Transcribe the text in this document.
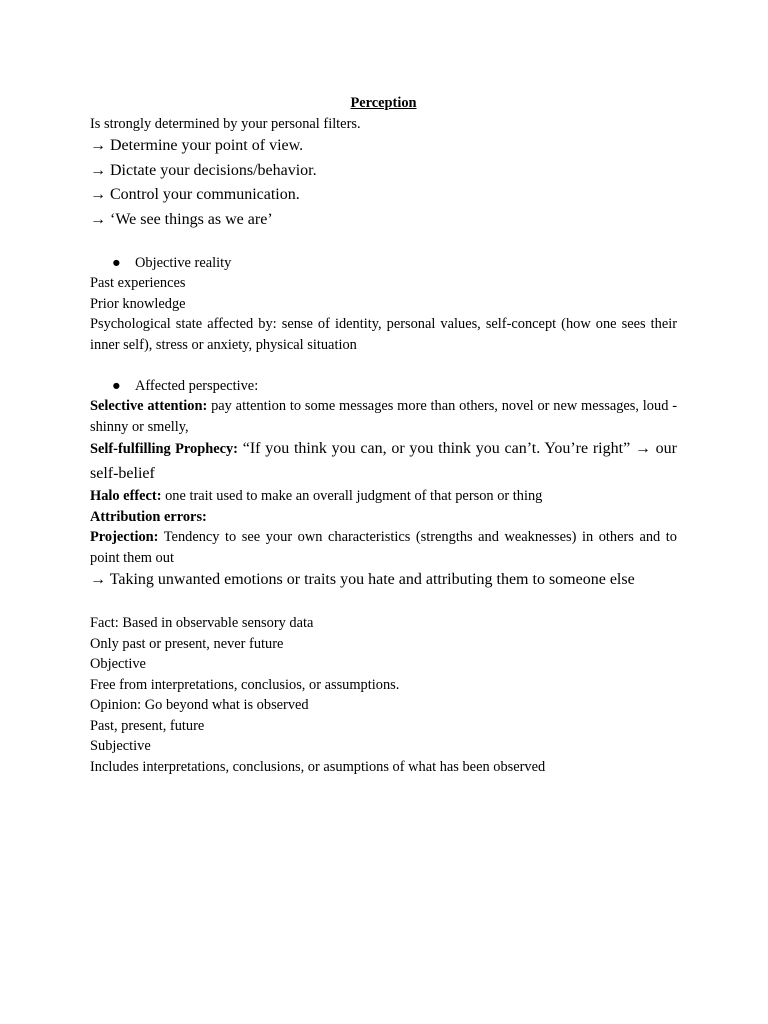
Perception

Is strongly determined by your personal filters.

→ Determine your point of view.

→ Dictate your decisions/behavior.

→ Control your communication.

→ ‘We see things as we are’

● Objective reality

Past experiences

Prior knowledge

Psychological state affected by: sense of identity, personal values, self-concept (how one sees their inner self), stress or anxiety, physical situation

● Affected perspective:

Selective attention: pay attention to some messages more than others, novel or new messages, loud - shinny or smelly,

Self-fulfilling Prophecy: “If you think you can, or you think you can’t. You’re right” → our self-belief

Halo effect: one trait used to make an overall judgment of that person or thing

Attribution errors:

Projection: Tendency to see your own characteristics (strengths and weaknesses) in others and to point them out

→ Taking unwanted emotions or traits you hate and attributing them to someone else

Fact: Based in observable sensory data

Only past or present, never future

Objective

Free from interpretations, conclusios, or assumptions.

Opinion: Go beyond what is observed

Past, present, future

Subjective

Includes interpretations, conclusions, or asumptions of what has been observed
